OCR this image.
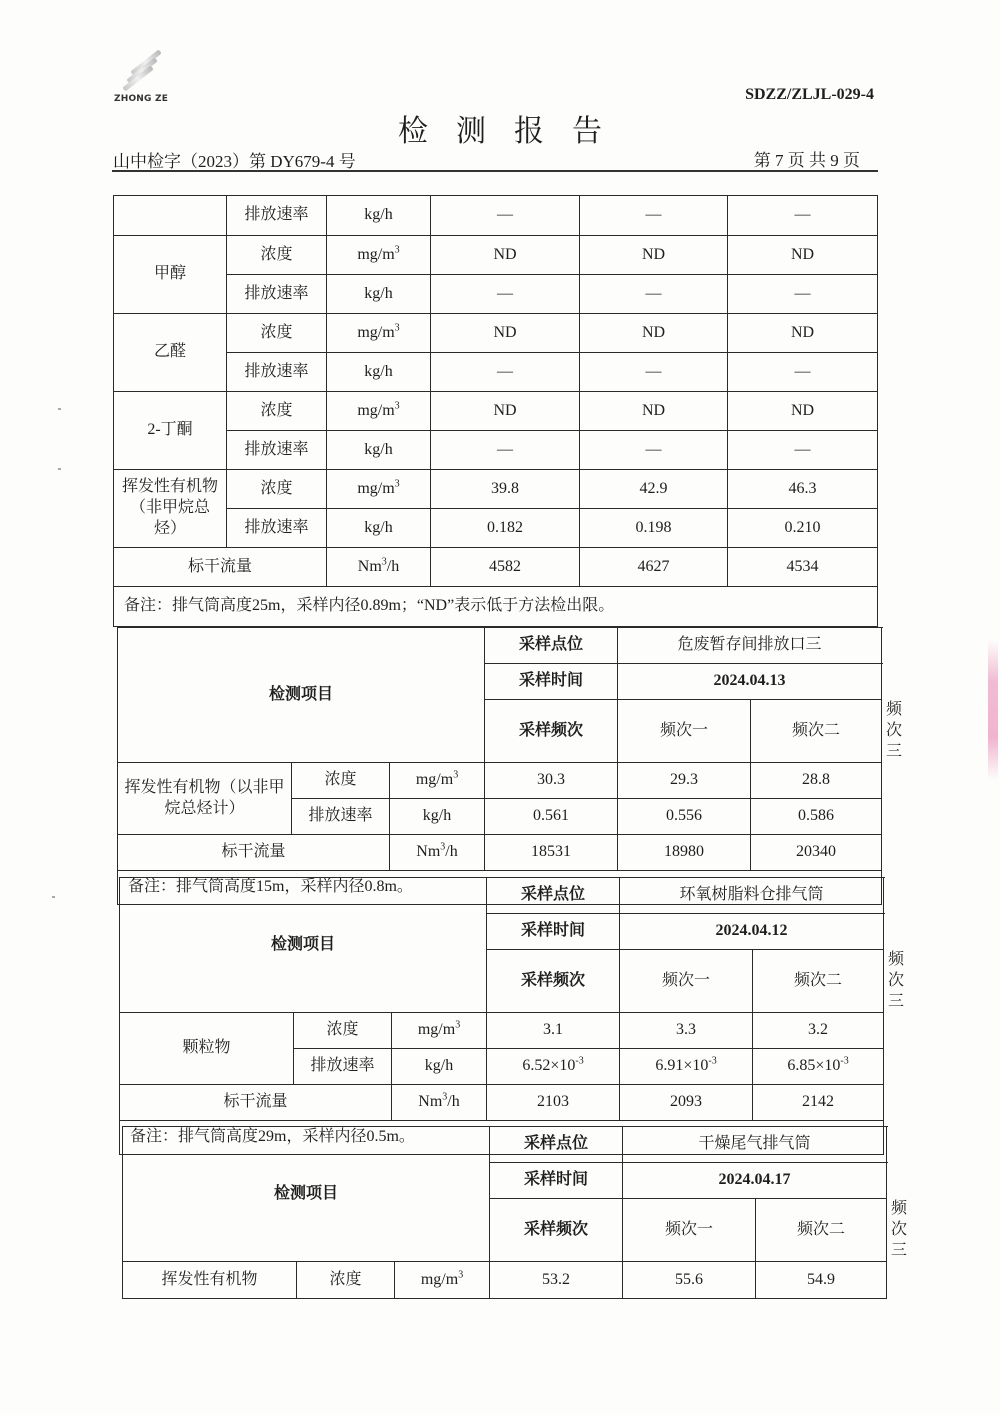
ZHONG ZE	SDZZ/ZLJL-029-4
检测报告
山中检字（2023）第 DY679-4 号	第 7 页 共 9 页
	排放速率	kg/h	—	—	—
甲醇	浓度	$mg/m^3$	ND	ND	ND
	排放速率	kg/h	—	—	—
乙醛	浓度	$mg/m^3$	ND	ND	ND
	排放速率	kg/h	—	—	—
2-丁酮	浓度	$mg/m^3$	ND	ND	ND
	排放速率	kg/h	—	—	—
挥发性有机物（非甲烷总烃）	浓度	$mg/m^3$	39.8	42.9	46.3
	排放速率	kg/h	0.182	0.198	0.210
标干流量		Nm$^3$/h	4582	4627	4534
备注：排气筒高度25m，采样内径0.89m；“ND”表示低于方法检出限。					
检测项目			采样点位	危废暂存间排放口三		
			采样时间	2024.04.13		
			采样频次	频次一	频次二	频次三
挥发性有机物（以非甲烷总烃计）	浓度	$mg/m^3$	30.3	29.3	28.8	
	排放速率	kg/h	0.561	0.556	0.586	
标干流量		Nm$^3$/h	18531	18980	20340	
备注：排气筒高度15m，采样内径0.8m。						
检测项目			采样点位	环氧树脂料仓排气筒		
			采样时间	2024.04.12		
			采样频次	频次一	频次二	频次三
颗粒物	浓度	$mg/m^3$	3.1	3.3	3.2	
	排放速率	kg/h	$6.52\times 10^{-3}$	$6.91\times 10^{-3}$	$6.85\times 10^{-3}$
标干流量		Nm$^3$/h	2103	2093	2142	
备注：排气筒高度29m，采样内径0.5m。						
检测项目			采样点位	干燥尾气排气筒		
			采样时间	2024.04.17		
			采样频次	频次一	频次二	频次三
挥发性有机物	浓度	$mg/m^3$	53.2	55.6	54.9	
